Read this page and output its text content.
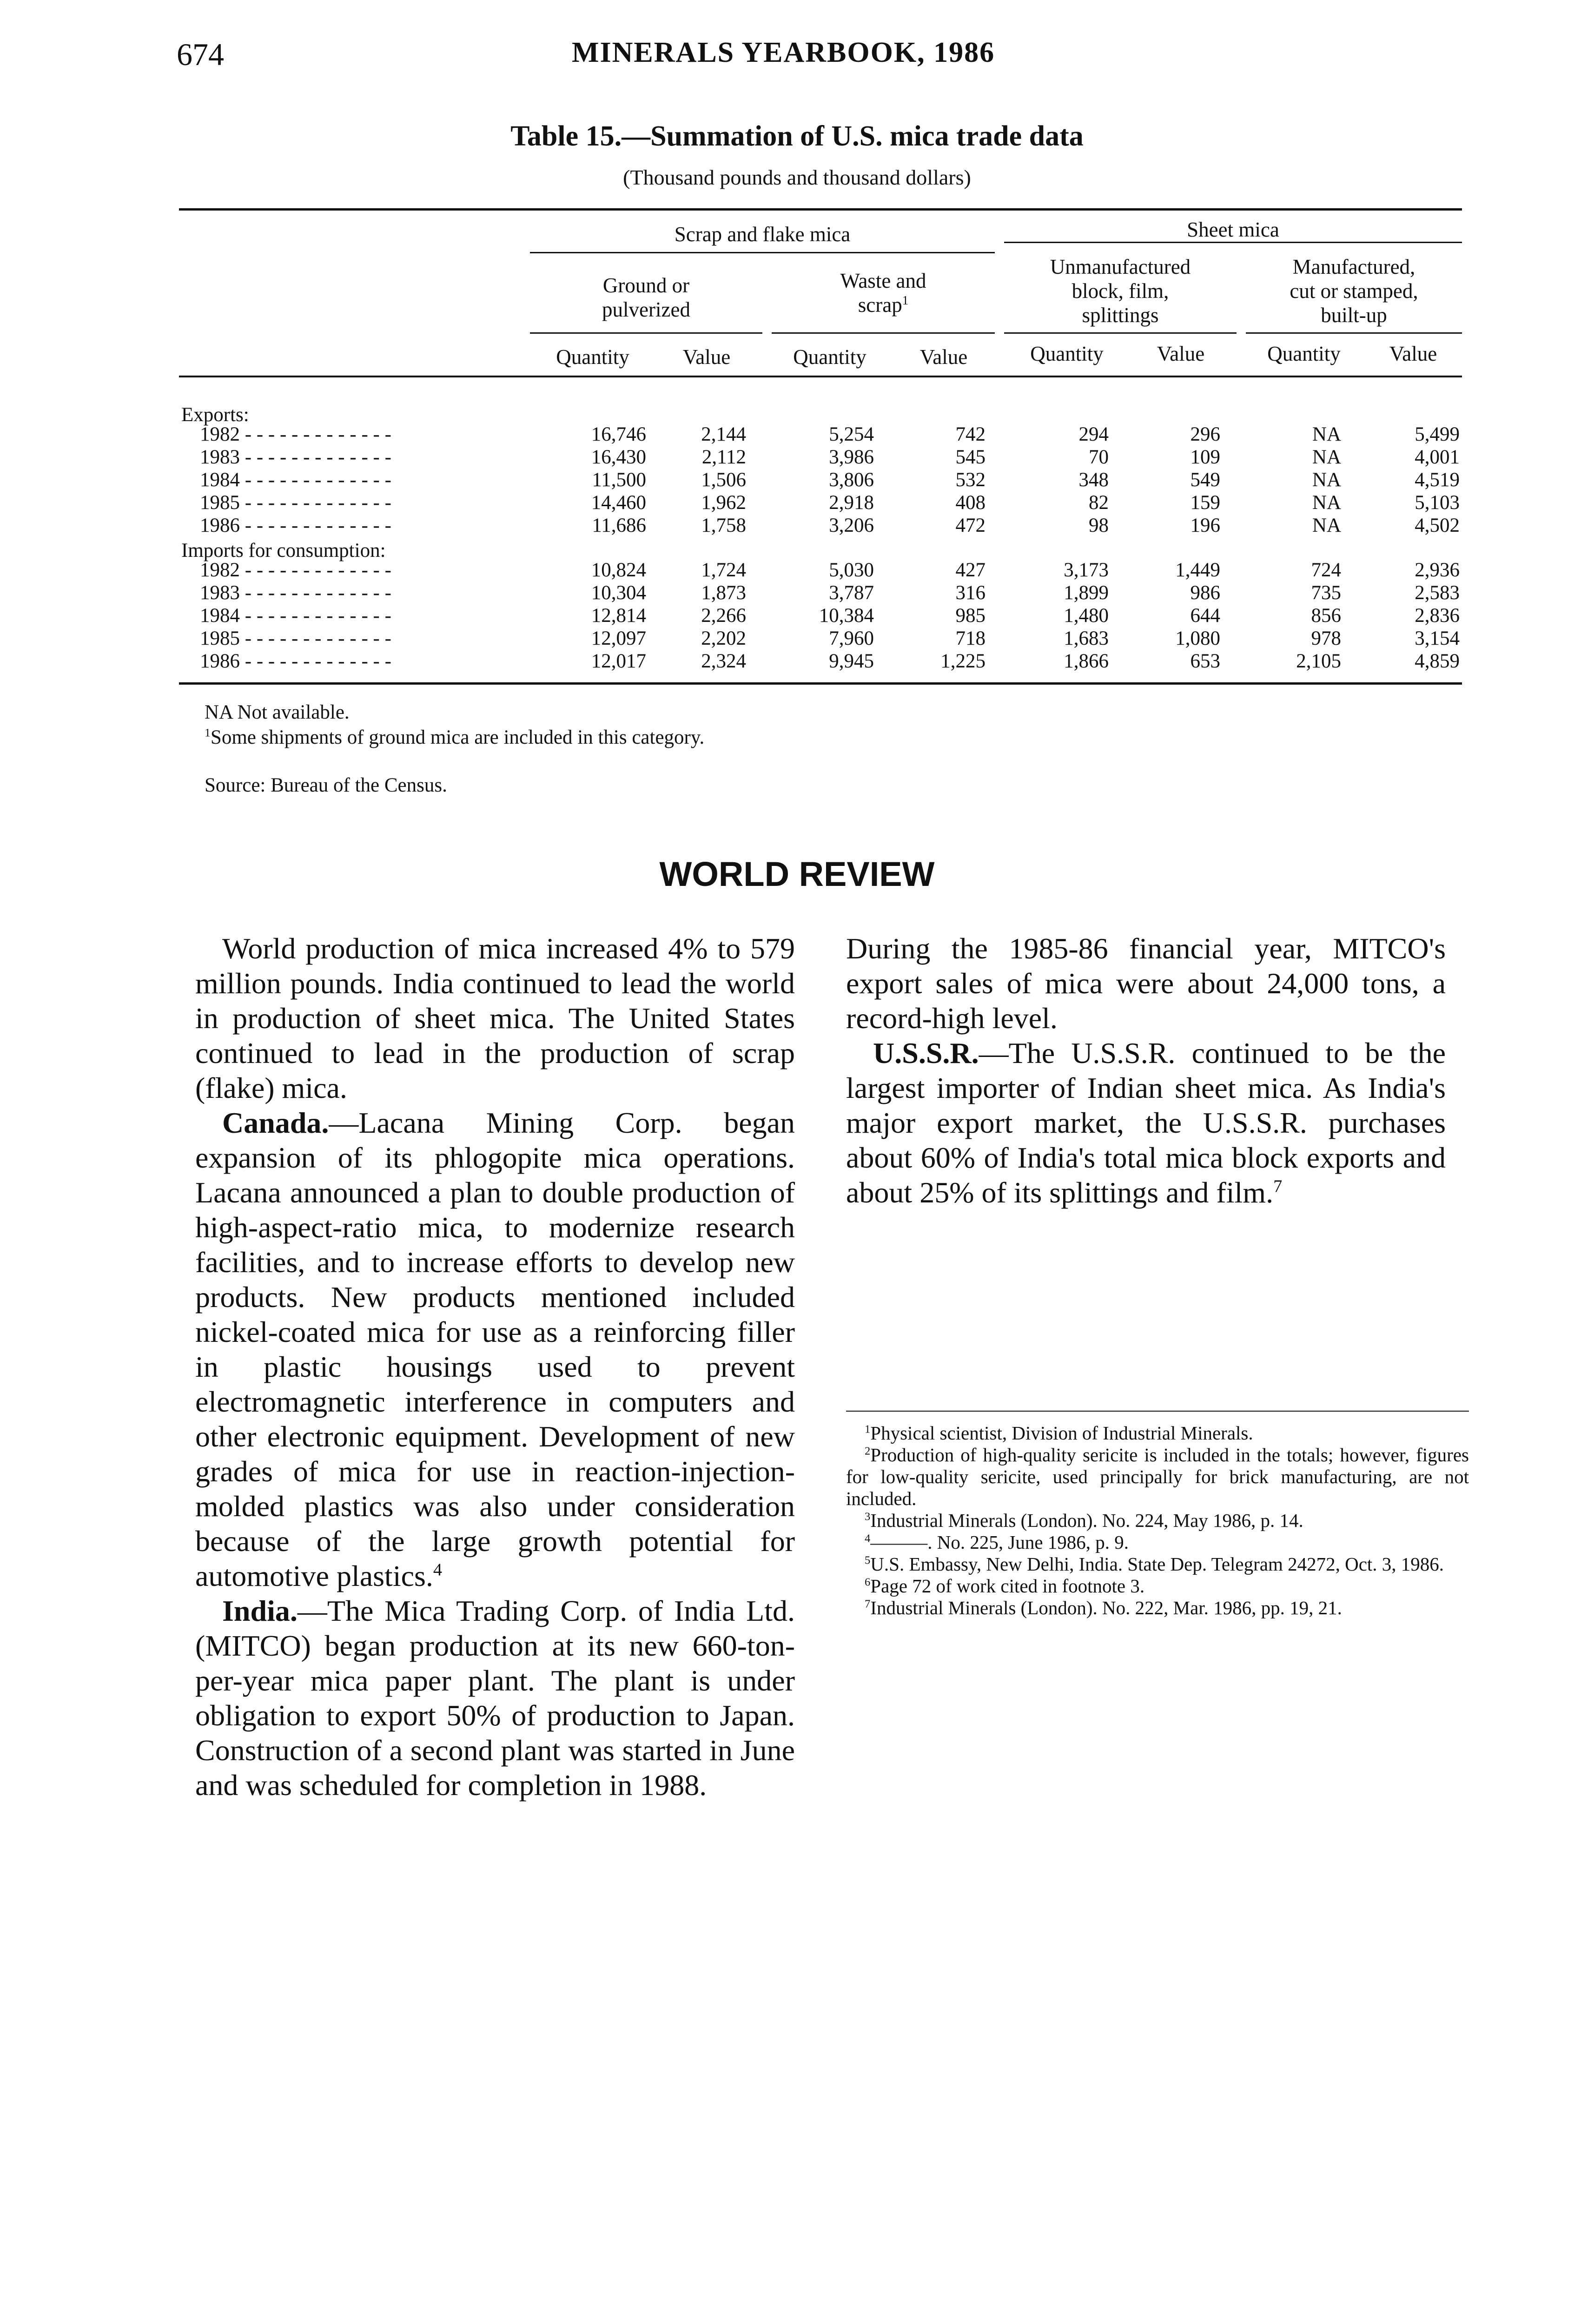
674	MINERALS YEARBOOK, 1986
Table 15.—Summation of U.S. mica trade data
(Thousand pounds and thousand dollars)
Scrap and flake mica	Sheet mica
Ground or
pulverized
Waste and
scrap$^1$
Unmanufactured
block, film,
splittings
Manufactured,
cut or stamped,
built-up
Quantity	Value	Quantity	Value	Quantity	Value	Quantity	Value
Exports:
1982 - - - - - - - - - - - - -	16,746	2,144	5,254	742	294	296	NA	5,499
1983 - - - - - - - - - - - - -	16,430	2,112	3,986	545	70	109	NA	4,001
1984 - - - - - - - - - - - - -	11,500	1,506	3,806	532	348	549	NA	4,519
1985 - - - - - - - - - - - - -	14,460	1,962	2,918	408	82	159	NA	5,103
1986 - - - - - - - - - - - - -	11,686	1,758	3,206	472	98	196	NA	4,502
Imports for consumption:
1982 - - - - - - - - - - - - -	10,824	1,724	5,030	427	3,173	1,449	724	2,936
1983 - - - - - - - - - - - - -	10,304	1,873	3,787	316	1,899	986	735	2,583
1984 - - - - - - - - - - - - -	12,814	2,266	10,384	985	1,480	644	856	2,836
1985 - - - - - - - - - - - - -	12,097	2,202	7,960	718	1,683	1,080	978	3,154
1986 - - - - - - - - - - - - -	12,017	2,324	9,945	1,225	1,866	653	2,105	4,859
NA Not available.
$^1$Some shipments of ground mica are included in this category.
Source: Bureau of the Census.
WORLD REVIEW

World production of mica increased 4% to 579 million pounds. India continued to lead the world in production of sheet mica. The United States continued to lead in the production of scrap (flake) mica.

Canada.—Lacana Mining Corp. began expansion of its phlogopite mica operations. Lacana announced a plan to double production of high-aspect-ratio mica, to modernize research facilities, and to increase efforts to develop new products. New products mentioned included nickel-coated mica for use as a reinforcing filler in plastic housings used to prevent electromagnetic interference in computers and other electronic equipment. Development of new grades of mica for use in reaction-injection-molded plastics was also under consideration because of the large growth potential for automotive plastics.$^4$

India.—The Mica Trading Corp. of India Ltd. (MITCO) began production at its new 660-ton-per-year mica paper plant. The plant is under obligation to export 50% of production to Japan. Construction of a second plant was started in June and was scheduled for completion in 1988.

During the 1985-86 financial year, MITCO's export sales of mica were about 24,000 tons, a record-high level.

U.S.S.R.—The U.S.S.R. continued to be the largest importer of Indian sheet mica. As India's major export market, the U.S.S.R. purchases about 60% of India's total mica block exports and about 25% of its splittings and film.$^7$

$^1$Physical scientist, Division of Industrial Minerals.
$^2$Production of high-quality sericite is included in the totals; however, figures for low-quality sericite, used principally for brick manufacturing, are not included.
$^3$Industrial Minerals (London). No. 224, May 1986, p. 14.
$^4$———. No. 225, June 1986, p. 9.
$^5$U.S. Embassy, New Delhi, India. State Dep. Telegram 24272, Oct. 3, 1986.
$^6$Page 72 of work cited in footnote 3.
$^7$Industrial Minerals (London). No. 222, Mar. 1986, pp. 19, 21.
